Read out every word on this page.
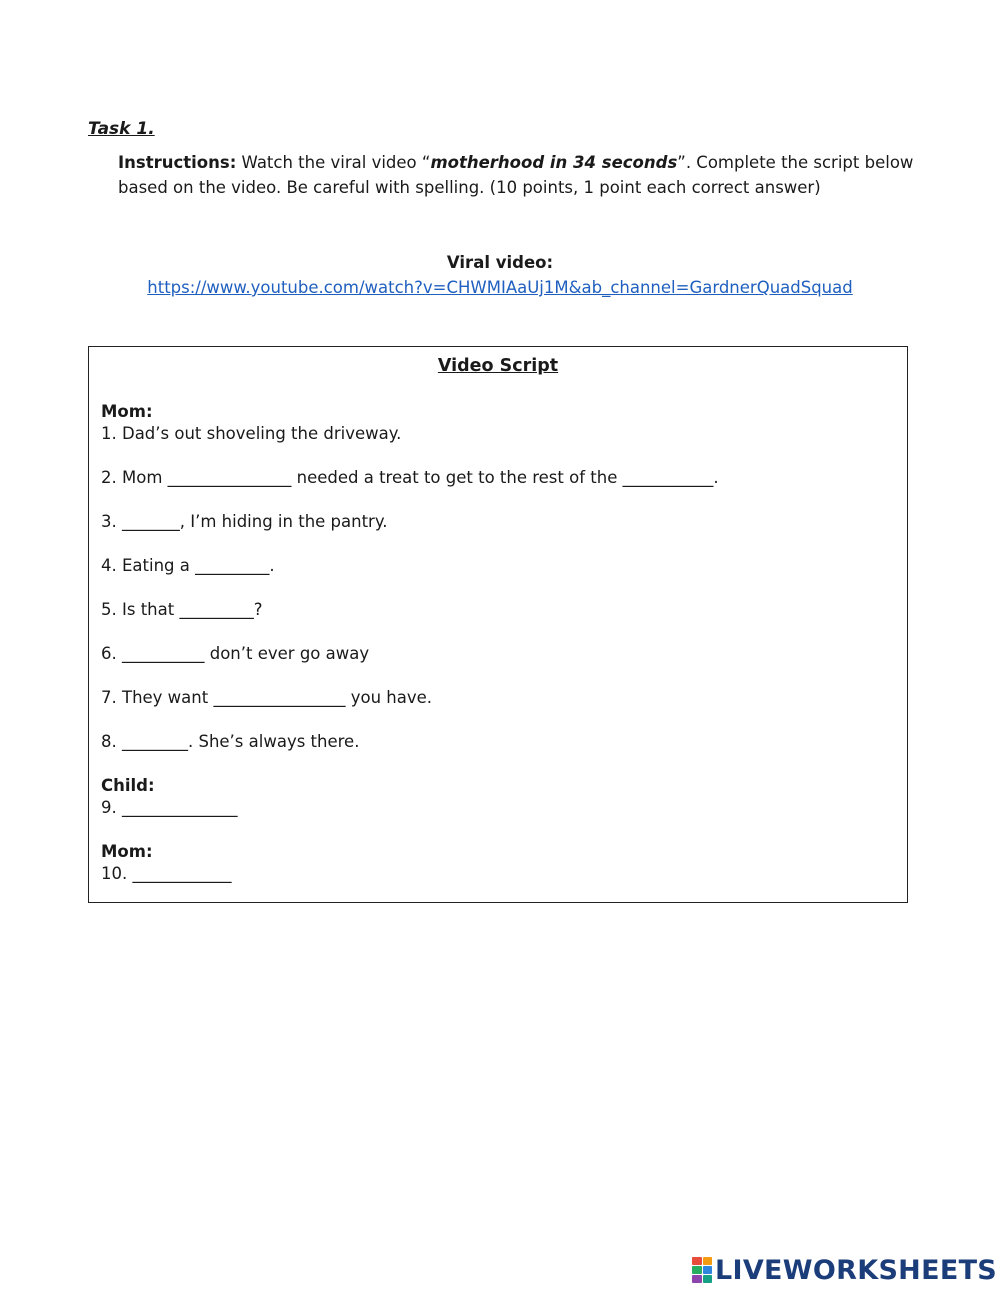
Task 1.
Instructions: Watch the viral video “motherhood in 34 seconds”. Complete the script below based on the video. Be careful with spelling. (10 points, 1 point each correct answer)
Viral video:
https://www.youtube.com/watch?v=CHWMIAaUj1M&ab_channel=GardnerQuadSquad
Video Script
Mom:
1. Dad’s out shoveling the driveway.
2. Mom _______________ needed a treat to get to the rest of the ___________.
3. _______, I’m hiding in the pantry.
4. Eating a _________.
5. Is that _________?
6. __________ don’t ever go away
7. They want ________________ you have.
8. ________. She’s always there.
Child:
9. ______________
Mom:
10. ____________
LIVEWORKSHEETS
